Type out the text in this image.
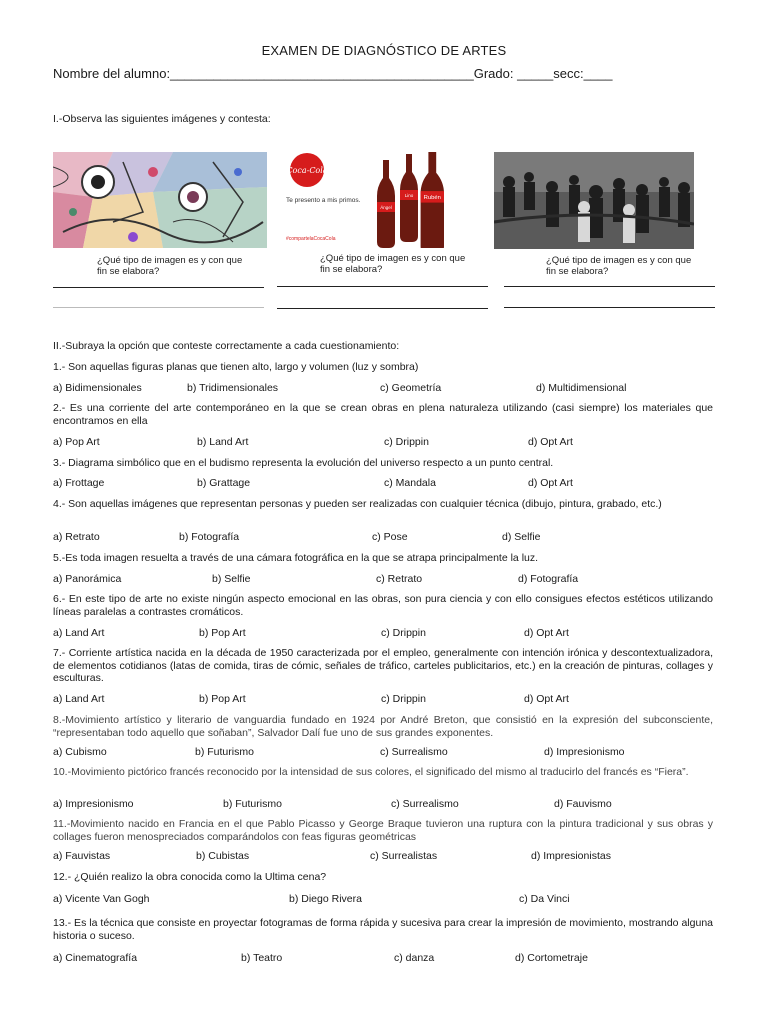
EXAMEN DE DIAGNÓSTICO DE ARTES
Nombre del alumno:__________________________________________Grado: _____secc:____
I.-Observa las siguientes imágenes y contesta:
¿Qué tipo de imagen es y con que fin se elabora?
Coca-Cola
Te presento a mis primos.
#compartelaCocaCola
Ángel
Lino Rubén
¿Qué tipo de imagen es y con que fin se elabora?
¿Qué tipo de imagen es y con que fin se elabora?
II.-Subraya la opción que conteste correctamente a cada cuestionamiento:
1.- Son aquellas figuras planas que tienen alto, largo y volumen (luz y sombra)
a) Bidimensionales	b) Tridimensionales	c) Geometría	d) Multidimensional
2.- Es una corriente del arte contemporáneo en la que se crean obras en plena naturaleza utilizando (casi siempre) los materiales que encontramos en ella
a) Pop Art	b) Land Art	c) Drippin	d) Opt Art
3.- Diagrama simbólico que en el budismo representa la evolución del universo respecto a un punto central.
a) Frottage	b) Grattage	c) Mandala	d) Opt Art
4.- Son aquellas imágenes que representan personas y pueden ser realizadas con cualquier técnica (dibujo, pintura, grabado, etc.)
a) Retrato	b) Fotografía	c) Pose	d) Selfie
5.-Es toda imagen resuelta a través de una cámara fotográfica en la que se atrapa principalmente la luz.
a) Panorámica	b) Selfie	c) Retrato	d) Fotografía
6.- En este tipo de arte no existe ningún aspecto emocional en las obras, son pura ciencia y con ello consigues efectos estéticos utilizando líneas paralelas a contrastes cromáticos.
a) Land Art	b) Pop Art	c) Drippin	d) Opt Art
7.- Corriente artística nacida en la década de 1950 caracterizada por el empleo, generalmente con intención irónica y descontextualizadora, de elementos cotidianos (latas de comida, tiras de cómic, señales de tráfico, carteles publicitarios, etc.) en la creación de pinturas, collages y esculturas.
a) Land Art	b) Pop Art	c) Drippin	d) Opt Art
8.-Movimiento artístico y literario de vanguardia fundado en 1924 por André Breton, que consistió en la expresión del subconsciente, “representaban todo aquello que soñaban”, Salvador Dalí fue uno de sus grandes exponentes.
a) Cubismo	b) Futurismo	c) Surrealismo	d) Impresionismo
10.-Movimiento pictórico francés reconocido por la intensidad de sus colores, el significado del mismo al traducirlo del francés es “Fiera”.
a) Impresionismo	b) Futurismo	c) Surrealismo	d) Fauvismo
11.-Movimiento nacido en Francia en el que Pablo Picasso y George Braque tuvieron una ruptura con la pintura tradicional y sus obras y collages fueron menospreciados comparándolos con feas figuras geométricas
a) Fauvistas	b) Cubistas	c) Surrealistas	d) Impresionistas
12.- ¿Quién realizo la obra conocida como la Ultima cena?
a) Vicente Van Gogh	b) Diego Rivera	c) Da Vinci
13.- Es la técnica que consiste en proyectar fotogramas de forma rápida y sucesiva para crear la impresión de movimiento, mostrando alguna historia o suceso.
a) Cinematografía	b) Teatro	c) danza	d) Cortometraje
